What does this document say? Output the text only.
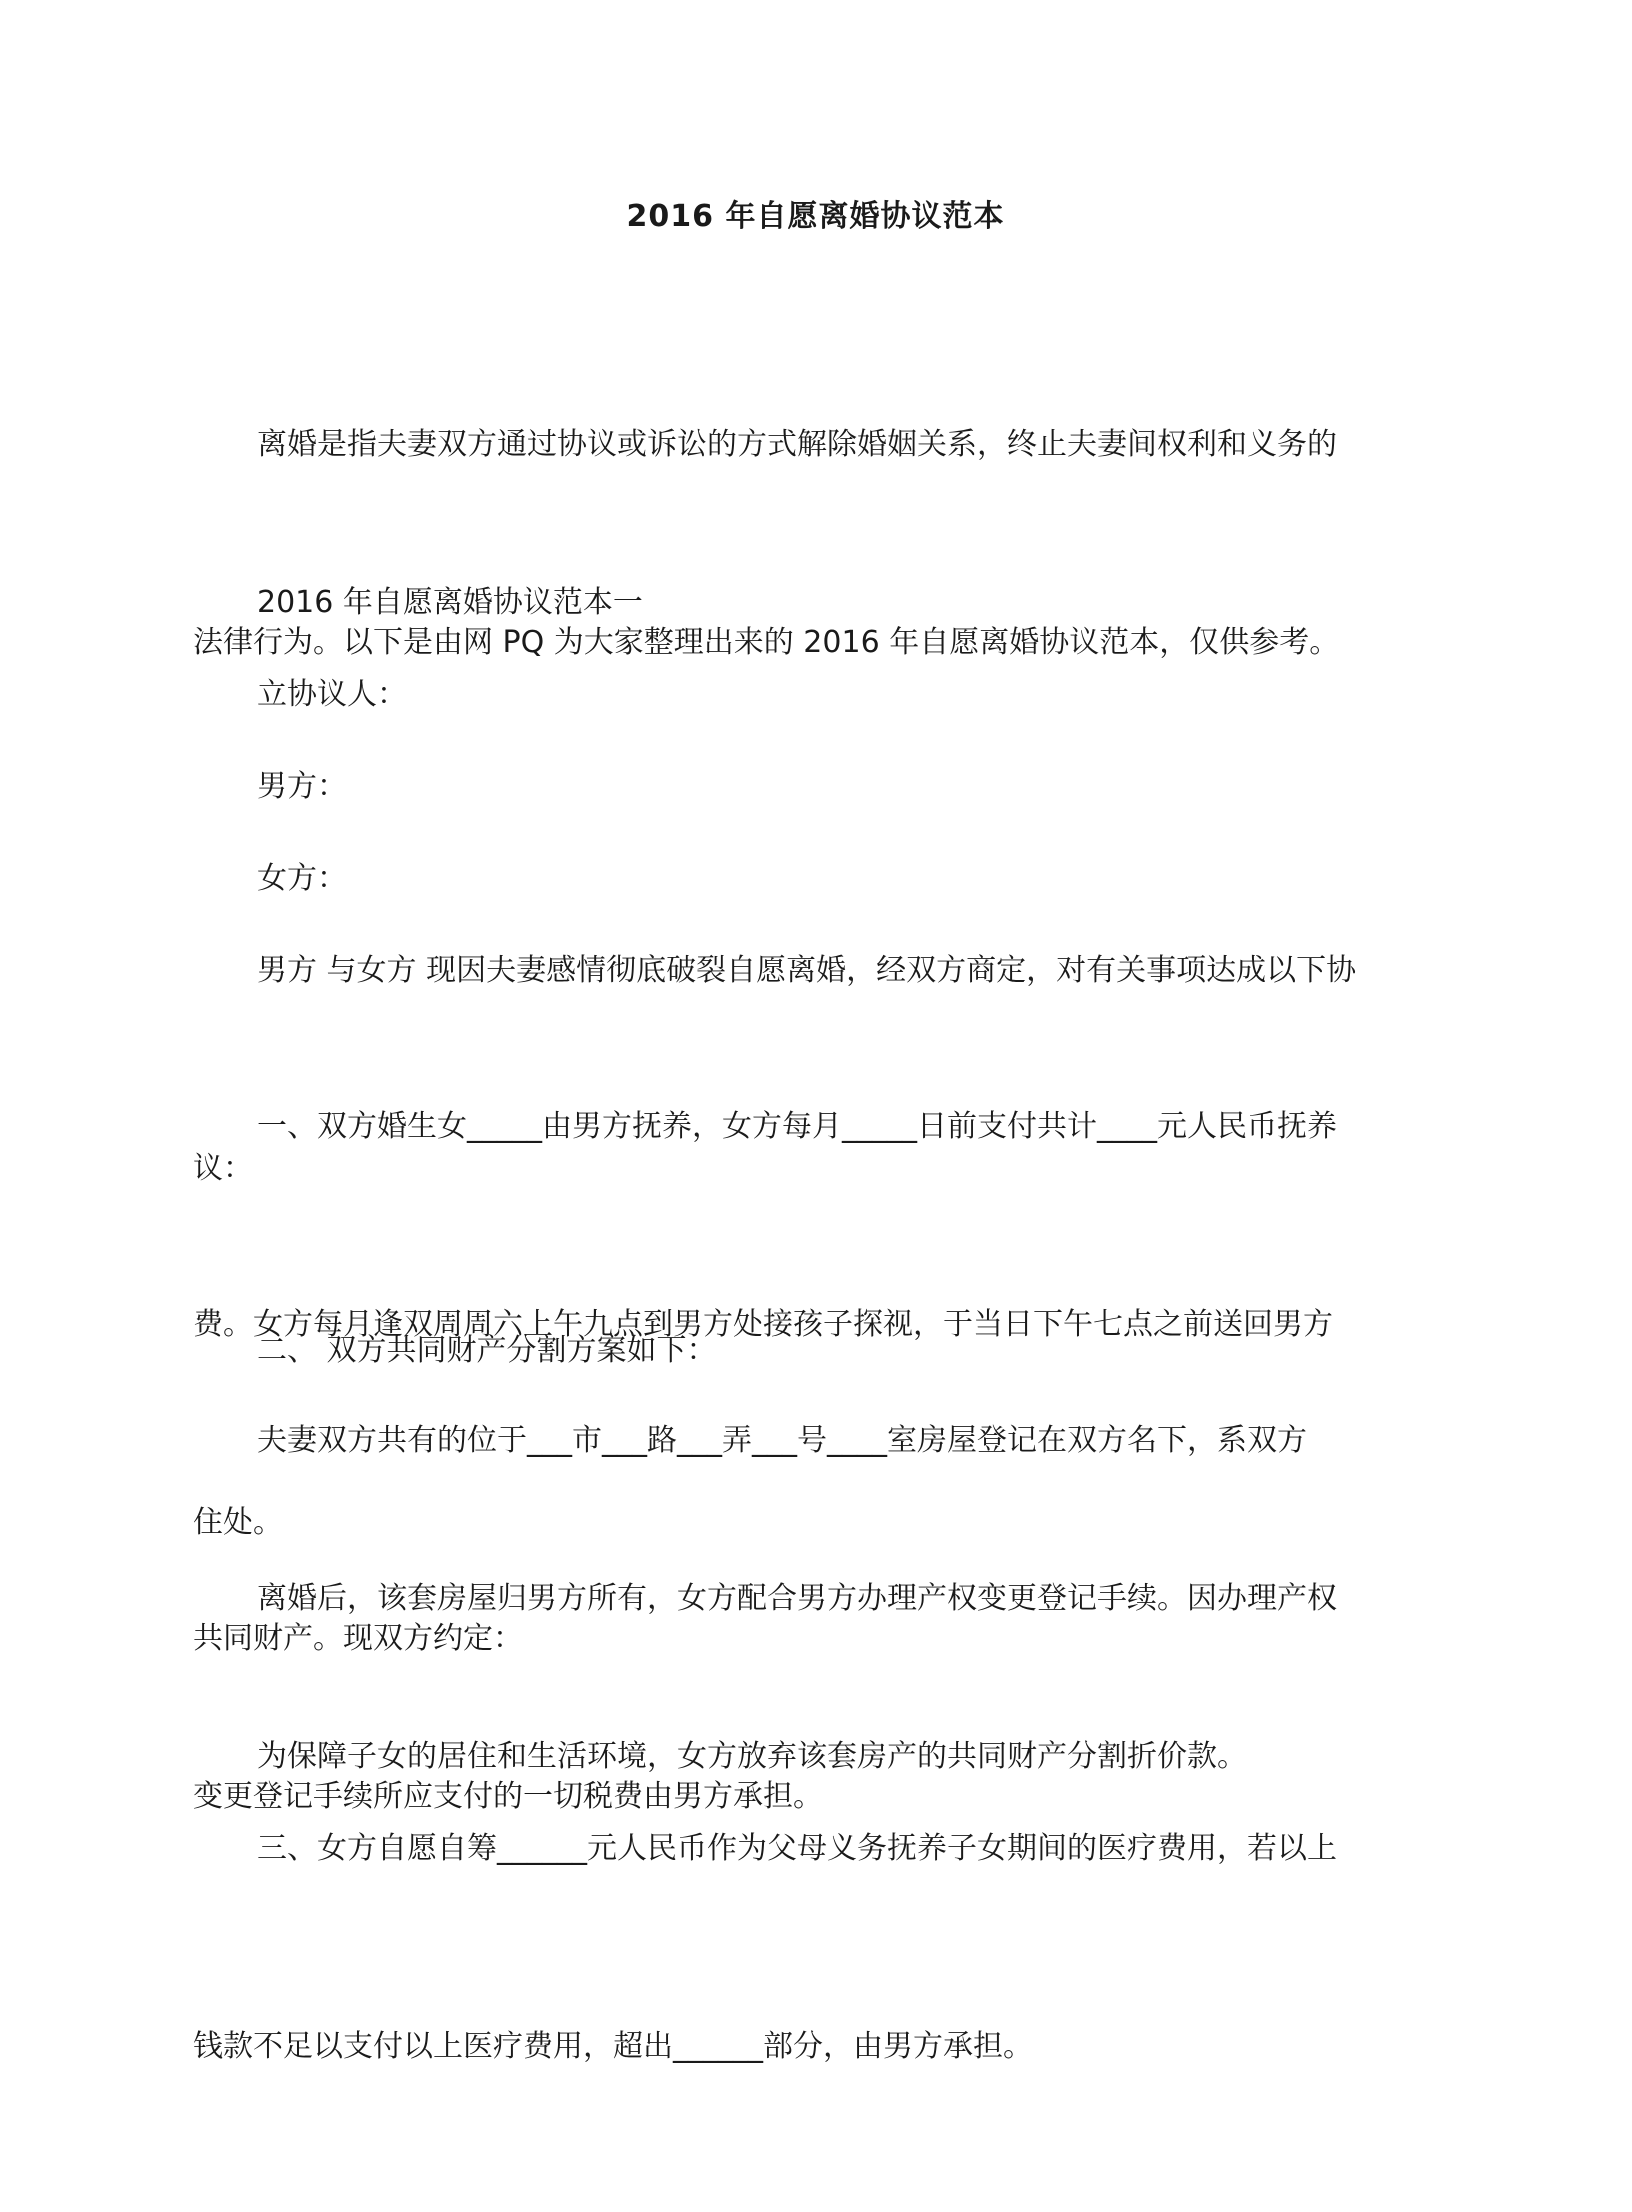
2016 年自愿离婚协议范本

离婚是指夫妻双方通过协议或诉讼的方式解除婚姻关系，终止夫妻间权利和义务的

法律行为。以下是由网 PQ 为大家整理出来的 2016 年自愿离婚协议范本，仅供参考。

2016 年自愿离婚协议范本一

立协议人：

男方：

女方：

男方 与女方 现因夫妻感情彻底破裂自愿离婚，经双方商定，对有关事项达成以下协

议：

一、双方婚生女_____由男方抚养，女方每月_____日前支付共计____元人民币抚养

费。女方每月逢双周周六上午九点到男方处接孩子探视，于当日下午七点之前送回男方

住处。

二、 双方共同财产分割方案如下：

夫妻双方共有的位于___市___路___弄___号____室房屋登记在双方名下，系双方

共同财产。现双方约定：

离婚后，该套房屋归男方所有，女方配合男方办理产权变更登记手续。因办理产权

变更登记手续所应支付的一切税费由男方承担。

为保障子女的居住和生活环境，女方放弃该套房产的共同财产分割折价款。

三、女方自愿自筹______元人民币作为父母义务抚养子女期间的医疗费用，若以上

钱款不足以支付以上医疗费用，超出______部分，由男方承担。
